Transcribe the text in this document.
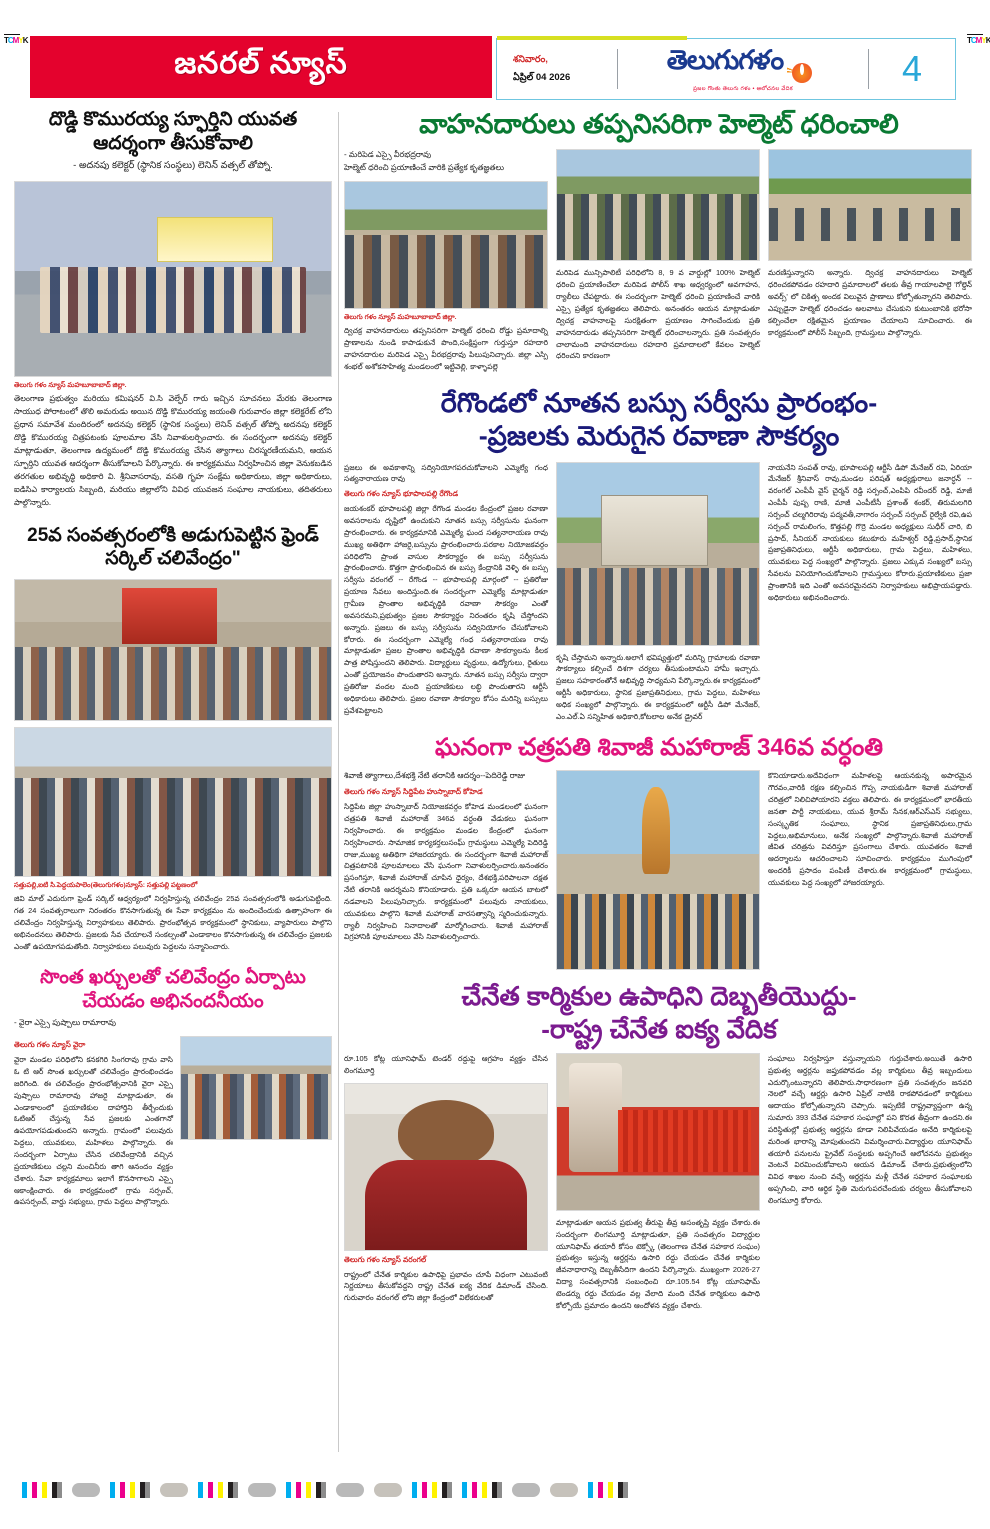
TCMYK	TCMYK
జనరల్ న్యూస్	శనివారం,
ఏప్రిల్ 04 2026
తెలుగుగళం
ప్రజల గొంతు తెలుగు గళం • ఆలోచనల వేదిక	4
దొడ్డి కొముర‌య్య స్ఫూర్తిని యువ‌త ఆద‌ర్శంగా తీసుకోవాలి
- అదనపు కలెక్టర్ (స్థానిక సంస్థలు) లెనిన్ వత్సల్ తోప్నో.
తెలుగు గళం న్యూస్ మహబూబాబాద్ జిల్లా.
తెలంగాణ ప్రభుత్వం మరియు కమిషనర్ వి.సి వెల్ఫేర్ గారు ఇచ్చిన సూచనలు మేరకు తెలంగాణ సాయుధ పోరాటంలో తొలి అమరుడు అయిన దొడ్డి కొమురయ్య జయంతి గురువారం జిల్లా కలెక్టరేట్ లోని ప్రధాన సమావేశ మందిరంలో అదనపు కలెక్టర్ (స్థానిక సంస్థలు) లెనిన్ వత్సల్ తోప్నో అదనపు కలెక్టర్ దొడ్డి కొమురయ్య చిత్రపటంకు పూలమాల వేసి నివాళులర్పించారు. ఈ సందర్భంగా అదనపు కలెక్టర్ మాట్లాడుతూ, తెలంగాణ ఉద్యమంలో దొడ్డి కొమురయ్య చేసిన త్యాగాలు చిరస్మరణీయమని, ఆయన స్ఫూర్తిని యువత ఆదర్శంగా తీసుకోవాలని పేర్కొన్నారు. ఈ కార్యక్రమము నిర్వహించిన జిల్లా వెనుకబడిన తరగతుల అభివృద్ధి అధికారి వి. శ్రీనివాసరావు, వసతి గృహ సంక్షేమ అధికారులు, జిల్లా అధికారులు, ఐడిసిఎ కార్యాలయ సిబ్బంది, మరియు జిల్లాలోని వివిధ యువజన సంఘాల నాయకులు, తదితరులు పాల్గొన్నారు.
25వ సంవత్సరంలోకి అడుగుపెట్టిన ఫ్రెండ్ సర్కిల్ చలివేంద్రం"
సత్తుపల్లి,ఐటి సి.పెద్దయపాలెం(తెలుగుగళం)న్యూస్: సత్తుపల్లి పట్టణంలో
జివి మాల్ ఎదురుగా ఫ్రెండ్ సర్కిల్ ఆధ్వర్యంలో నిర్వహిస్తున్న చలివేంద్రం 25వ సంవత్సరంలోకి అడుగుపెట్టింది. గత 24 సంవత్సరాలుగా నిరంతరం కొనసాగుతున్న ఈ సేవా కార్యక్రమం ను అందించేందుకు ఉత్సాహంగా ఈ చలివేంద్రం నిర్వహిస్తున్న నిర్వాహకులు తెలిపారు. ప్రారంభోత్సవ కార్యక్రమంలో స్థానికులు, వ్యాపారులు పాల్గొని అభినందనలు తెలిపారు. ప్రజలకు సేవ చేయాలనే సంకల్పంతో ఎండాకాలం కొనసాగుతున్న ఈ చలివేంద్రం ప్రజలకు ఎంతో ఉపయోగపడుతోంది. నిర్వాహకులు పలువురు పెద్దలను సన్మానించారు.
సొంత ఖర్చులతో చలివేంద్రం ఏర్పాటు చేయడం అభినందనీయం
- వైరా ఎస్సై పుష్పాలు రామారావు
తెలుగు గళం న్యూస్ వైరా
వైరా మండల పరిధిలోని కనకగిరి సింగరావు గ్రామ వాసి ఓ టి ఆర్ సొంత ఖర్చులతో చలివేంద్రం ప్రారంభించడం జరిగింది. ఈ చలివేంద్రం ప్రారంభోత్సవానికి వైరా ఎస్సై పుష్పాలు రామారావు హాజరై మాట్లాడుతూ, ఈ ఎండాకాలంలో ప్రయాణికుల దాహార్తిని తీర్చేందుకు ఓటిఆర్ చేస్తున్న సేవ ప్రజలకు ఎంతగానో ఉపయోగపడుతుందని అన్నారు. గ్రామంలో పలువురు పెద్దలు, యువకులు, మహిళలు పాల్గొన్నారు. ఈ సందర్భంగా ఏర్పాటు చేసిన చలివేంద్రానికి వచ్చిన ప్రయాణికులు చల్లని మంచినీరు తాగి ఆనందం వ్యక్తం చేశారు. సేవా కార్యక్రమాలు ఇలాగే కొనసాగాలని ఎస్సై ఆకాంక్షించారు. ఈ కార్యక్రమంలో గ్రామ సర్పంచ్, ఉపసర్పంచ్, వార్డు సభ్యులు, గ్రామ పెద్దలు పాల్గొన్నారు.
వాహ‌న‌దారులు త‌ప్ప‌నిస‌రిగా హెల్మెట్ ధ‌రించాలి
- మరిపెడ ఎస్సై వీరభద్రరావు
హెల్మెట్ ధరించి ప్రయాణించే వారికి ప్రత్యేక కృతజ్ఞతలు
తెలుగు గళం న్యూస్ మహబూబాబాద్ జిల్లా.
ద్విచక్ర వాహనదారులు తప్పనిసరిగా హెల్మెట్ ధరించి రోడ్డు ప్రమాదాల్ని ప్రాణాలను నుండి కాపాడుకునే పొంది,సంక్షిప్తంగా గుర్తుస్తూ రహదారి వాహనదారుల మరిపెడ ఎస్సై వీరభద్రరావు పిలుపునిచ్చారు. జిల్లా ఎస్పి శంభల్ అశోకసాహిత్య మండలంలో ఇట్టివెల్లి, కాళ్ళాపల్లె
మరిపెడ మున్సిపాలిటీ పరిధిలోని 8, 9 వ వార్డుల్లో 100% హెల్మెట్ ధరించి ప్రయాణించేలా మరిపెడ పోలీస్ శాఖ ఆధ్వర్యంలో అవగాహన, ర్యాలీలు చేపట్టారు. ఈ సందర్భంగా హెల్మెట్ ధరించి ప్రయాణించే వారికి ఎస్సై ప్రత్యేక కృతజ్ఞతలు తెలిపారు. అనంతరం ఆయన మాట్లాడుతూ ద్విచక్ర వాహనాలపై సురక్షితంగా ప్రయాణం సాగించేందుకు ప్రతి వాహనదారుడు తప్పనిసరిగా హెల్మెట్ ధరించాలన్నారు. ప్రతి సంవత్సరం చాలామంది వాహనదారులు రహదారి ప్రమాదాలలో కేవలం హెల్మెట్ ధరించని కారణంగా
మరణిస్తున్నారని అన్నారు. ద్విచక్ర వాహనదారులు హెల్మెట్ ధరించకపోవడం రహదారి ప్రమాదాలలో తలకు తీవ్ర గాయాలపాలై 'గోల్డెన్ అవర్స్' లో చికిత్స అందక విలువైన ప్రాణాలు కోల్పోతున్నారని తెలిపారు. ఎప్పుడైనా హెల్మెట్ ధరించడం అలవాటు చేసుకుని కుటుంబానికి భరోసా కల్పించేలా రక్షితమైన ప్రయాణం చేయాలని సూచించారు. ఈ కార్యక్రమంలో పోలీస్ సిబ్బంది, గ్రామస్తులు పాల్గొన్నారు.
రేగొండలో నూతన బస్సు సర్వీసు ప్రారంభం-
-ప్రజలకు మెరుగైన రవాణా సౌకర్యం
ప్రజలు ఈ అవకాశాన్ని సద్వినియోగపరచుకోవాలని ఎమ్మెల్యే గంధ సత్యనారాయణ రావు
తెలుగు గళం న్యూస్ భూపాలపల్లి రేగొండ
జయశంకర్ భూపాలపల్లి జిల్లా రేగొండ మండల కేంద్రంలో ప్రజల రవాణా అవసరాలను దృష్టిలో ఉంచుకుని నూతన బస్సు సర్వీసును ఘనంగా ప్రారంభించారు. ఈ కార్యక్రమానికి ఎమ్మెల్యే ఘంద సత్యనారాయణ రావు ముఖ్య అతిథిగా హాజరై,బస్సును ప్రారంభించారు.పరకాల నియోజకవర్గం పరిధిలోని ప్రాంత వాసుల సౌకర్యార్థం ఈ బస్సు సర్వీసును ప్రారంభించారు. కొత్తగా ప్రారంభించిన ఈ బస్సు కేంద్రానికి వెళ్ళి ఈ బస్సు సర్వీసు వరంగల్ -- రేగొండ -- భూపాలపల్లి మార్గంలో -- ప్రతిరోజు ప్రయాణ సేవలు అందిస్తుంది.ఈ సందర్భంగా ఎమ్మెల్యే మాట్లాడుతూ గ్రామీణ ప్రాంతాల అభివృద్ధికి రవాణా సౌకర్యం ఎంతో అవసరమని,ప్రభుత్వం ప్రజల సౌకర్యార్థం నిరంతరం కృషి చేస్తోందని అన్నారు. ప్రజలు ఈ బస్సు సర్వీసును సద్వినియోగం చేసుకోవాలని కోరారు. ఈ సందర్భంగా ఎమ్మెల్యే గంధ సత్యనారాయణ రావు మాట్లాడుతూ ప్రజల ప్రాంతాల అభివృద్ధికి రవాణా సౌకర్యాలను కీలక పాత్ర పోషిస్తుందని తెలిపారు. విద్యార్థులు వృద్ధులు, ఉద్యోగులు, రైతులు ఎంతో ప్రయోజనం పొందుతారని అన్నారు. నూతన బస్సు సర్వీసు ద్వారా ప్రతిరోజు వందల మంది ప్రయాణికులు లబ్ధి పొందుతారని ఆర్టీసీ అధికారులు తెలిపారు. ప్రజల రవాణా సౌకర్యాల కోసం మరిన్ని బస్సులు ప్రవేశపెట్టాలని
కృషి చేస్తామని అన్నారు.అలాగే భవిష్యత్తులో మరిన్ని గ్రామాలకు రవాణా సౌకర్యాలు కల్పించే దిశగా చర్యలు తీసుకుంటామని హామీ ఇచ్చారు. ప్రజలు సహకారంతోనే అభివృద్ధి సాధ్యమని పేర్కొన్నారు.ఈ కార్యక్రమంలో ఆర్టీసీ అధికారులు, స్థానిక ప్రజాప్రతినిధులు, గ్రామ పెద్దలు, మహిళలు అధిక సంఖ్యలో పాల్గొన్నారు. ఈ కార్యక్రమంలో ఆర్టీసీ డిపో మేనేజర్, ఎం.ఎల్.ఏ సన్నిహిత అధికారి,కోటలాల అనేక డ్రైవర్
నాయనేని సంపత్ రావు, భూపాలపల్లి ఆర్టీసీ డిపో మేనేజర్ రవి, ఏరియా మేనేజర్ శ్రీనివాస్ రావు,మండల పరిషత్ అధ్యక్షురాలు జనార్ధన్ --వరంగల్ ఎంపీపీ వైస్ చైర్మన్ రెడ్డి సర్పంచ్,ఎంపిపి రవీందర్ రెడ్డి, మాజీ ఎంపీపీ పుష్ప రాణి, మాజీ ఎంపీటీసీ ప్రశాంత్ శంకర్, తిరుమలగిరి సర్పంచ్ చల్మగిరిరావు పద్మవతీ,నాగారం సర్పంచ్ సర్పంచ్ రైల్వేకి రవి,ఉప సర్పంచ్ రామలింగం, కొత్తపల్లి గొర్రె మండల అధ్యక్షులు సుధీర్ చారి, బి ప్రసాద్, సీనియర్ నాయకులు కటుకూరు మహేశ్వర్ రెడ్డి,ప్రసాద్,స్థానిక ప్రజాప్రతినిధులు, ఆర్టీసీ అధికారులు, గ్రామ పెద్దలు, మహిళలు, యువకులు పెద్ద సంఖ్యలో పాల్గొన్నారు. ప్రజలు ఎక్కువ సంఖ్యలో బస్సు సేవలను వినియోగించుకోవాలని గ్రామస్తులు కోరారు.ప్రయాణికులు ప్రజా ప్రాంతానికి ఇది ఎంతో అవసరమైనదని నిర్వాహకులు అభిప్రాయపడ్డారు. అధికారులు అభినందించారు.
ఘనంగా చత్రపతి శివాజీ మహారాజ్ 346వ వర్ధంతి
శివాజీ త్యాగాలు,దేశభక్తి నేటి తరానికి ఆదర్శం--పెదిరెడ్డి రాజు
తెలుగు గళం న్యూస్ సిద్దిపేట హుస్నాబాద్ కోహెడ
సిద్దిపేట జిల్లా హుస్నాబాద్ నియోజకవర్గం కోహెడ మండలంలో ఘనంగా చత్రపతి శివాజీ మహారాజ్ 346వ వర్ధంతి వేడుకలు ఘనంగా నిర్వహించారు. ఈ కార్యక్రమం మండల కేంద్రంలో ఘనంగా నిర్వహించారు. సామాజిక కార్యకర్తలుసంఘ్ గ్రామస్థులు ఎమ్మెల్యే పెదిరెడ్డి రాజు,ముఖ్య అతిథిగా హాజరయ్యారు. ఈ సందర్భంగా శివాజీ మహారాజ్ చిత్రపటానికి పూలమాలలు వేసి ఘనంగా నివాళులర్పించారు.అనంతరం ప్రసంగిస్తూ, శివాజీ మహారాజ్ చూపిన ధైర్యం, దేశభక్తి,పరిపాలనా దక్షత నేటి తరానికి ఆదర్శమని కొనియాడారు. ప్రతి ఒక్కరూ ఆయన బాటలో నడవాలని పిలుపునిచ్చారు. కార్యక్రమంలో పలువురు నాయకులు, యువకులు పాల్గొని శివాజీ మహారాజ్ వారసత్వాన్ని స్మరించుకున్నారు. ర్యాలీ నిర్వహించి నినాదాలతో మార్మోగించారు. శివాజీ మహారాజ్ విగ్రహానికి పూలమాలలు వేసి నివాళులర్పించారు.
కొనియాడారు.అదేవిధంగా మహిళలపై ఆయనకున్న అపారమైన గౌరవం,వారికి రక్షణ కల్పించిన గొప్ప నాయకుడిగా శివాజీ మహారాజ్ చరిత్రలో నిలిచిపోయారని వక్తలు తెలిపారు. ఈ కార్యక్రమంలో భారతీయ జనతా పార్టీ నాయకులు, యువ శ్రీరామ్ సేనక,ఆర్ఎస్ఎస్ సభ్యులు, సంస్కృతిక సంఘాలు, స్థానిక ప్రజాప్రతినిధులు,గ్రామ పెద్దలు,అభిమానులు, అనేక సంఖ్యలో పాల్గొన్నారు.శివాజీ మహారాజ్ జీవిత చరిత్రను వివరిస్తూ ప్రసంగాలు చేశారు. యువతరం శివాజీ ఆదర్శాలను ఆచరించాలని సూచించారు. కార్యక్రమం ముగింపులో అందరికీ ప్రసాదం పంపిణీ చేశారు.ఈ కార్యక్రమంలో గ్రామస్థులు, యువకులు పెద్ద సంఖ్యలో హాజరయ్యారు.
చేనేత కార్మికుల ఉపాధిని దెబ్బతీయొద్దు-
-రాష్ట్ర చేనేత ఐక్య వేదిక
రూ.105 కోట్ల యూనిఫామ్ టెండర్ రద్దుపై ఆగ్రహం వ్యక్తం చేసిన లింగమూర్తి
తెలుగు గళం న్యూస్ వరంగల్
రాష్ట్రంలో చేనేత కార్మికుల ఉపాధిపై ప్రభావం చూపే విధంగా ఎటువంటి నిర్ణయాలు తీసుకోవద్దని రాష్ట్ర చేనేత ఐక్య వేదిక డిమాండ్ చేసింది. గురువారం వరంగల్ లోని జిల్లా కేంద్రంలో విలేకరులతో
మాట్లాడుతూ ఆయన ప్రభుత్వ తీరుపై తీవ్ర అసంతృప్తి వ్యక్తం చేశారు.ఈ సందర్భంగా లింగమూర్తి మాట్లాడుతూ, ప్రతి సంవత్సరం విద్యార్థుల యూనిఫామ్ తయారీ కోసం టెక్స్కో (తెలంగాణ చేనేత సహకార సంఘం) ప్రభుత్వం ఇస్తున్న ఆర్డర్లను ఉసారి రద్దు చేయడం చేనేత కార్మికుల జీవనాధారాన్ని దెబ్బతీసేదిగా ఉందని పేర్కొన్నారు. ముఖ్యంగా 2026-27 విద్యా సంవత్సరానికి సంబంధించి రూ.105.54 కోట్ల యూనిఫామ్ టెండర్ను రద్దు చేయడం వల్ల వేలాది మంది చేనేత కార్మికులు ఉపాధి కోల్పోయే ప్రమాదం ఉందని ఆందోళన వ్యక్తం చేశారు.
సంఘాలు నిర్వహిస్తూ వస్తున్నాయని గుర్తుచేశారు.అయితే ఉసారి ప్రభుత్వ ఆర్డర్లను జప్తుకపోవడం వల్ల కార్మికులు తీవ్ర ఇబ్బందులు ఎదుర్కొంటున్నారని తెలిపారు.సాధారణంగా ప్రతి సంవత్సరం జనవరి నెలలో వచ్చే ఆర్డర్లు ఉసారి ఏప్రిల్ నాటికి రాకపోవడంలో కార్మికులు ఆదాయం కోల్పోతున్నారని చెప్పారు. ఇప్పటికే రాష్ట్రవ్యాప్తంగా ఉన్న సుమారు 393 చేనేత సహకార సంఘాల్లో పని కొరత తీవ్రంగా ఉందని.ఈ పరిస్థితుల్లో ప్రభుత్వ ఆర్డర్లను కూడా నిలిపివేయడం అనేది కార్మికులపై మరింత భారాన్ని మోపుతుందని విమర్శించారు.విద్యార్థుల యూనిఫామ్ తయారీ పనులను ప్రైవేట్ సంస్థలకు అప్పగించే ఆలోచనను ప్రభుత్వం వెంటనే విరమించుకోవాలని ఆయన డిమాండ్ చేశారు.ప్రభుత్వంలోని వివిధ శాఖల నుంచి వచ్చే ఆర్డర్లను మళ్లీ చేనేత సహకార సంఘాలకు అప్పగించి, వారి ఆర్థిక స్థితి మెరుగుపరచేందుకు చర్యలు తీసుకోవాలని లింగమూర్తి కోరారు.
